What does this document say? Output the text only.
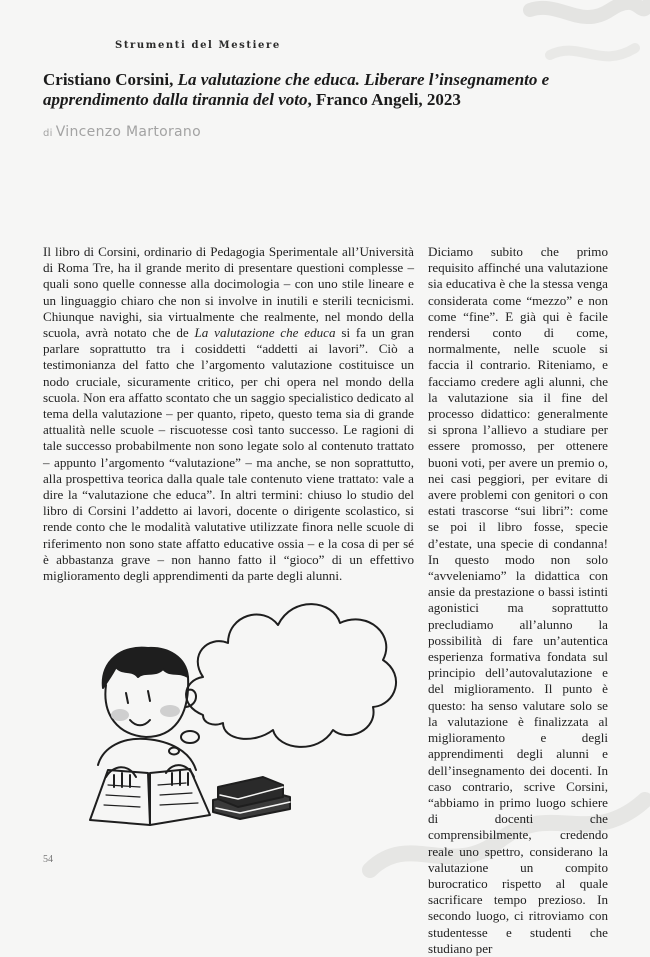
Strumenti del Mestiere
Cristiano Corsini, La valutazione che educa. Liberare l’insegnamento e apprendimento dalla tirannia del voto, Franco Angeli, 2023
di Vincenzo Martorano

Il libro di Corsini, ordinario di Pedagogia Sperimentale all’Università di Roma Tre, ha il grande merito di presentare questioni complesse – quali sono quelle connesse alla docimologia – con uno stile lineare e un linguaggio chiaro che non si involve in inutili e sterili tecnicismi. Chiunque navighi, sia virtualmente che realmente, nel mondo della scuola, avrà notato che de La valutazione che educa si fa un gran parlare soprattutto tra i cosiddetti “addetti ai lavori”. Ciò a testimonianza del fatto che l’argomento valutazione costituisce un nodo cruciale, sicuramente critico, per chi opera nel mondo della scuola. Non era affatto scontato che un saggio specialistico dedicato al tema della valutazione – per quanto, ripeto, questo tema sia di grande attualità nelle scuole – riscuotesse così tanto successo. Le ragioni di tale successo probabilmente non sono legate solo al contenuto trattato – appunto l’argomento “valutazione” – ma anche, se non soprattutto, alla prospettiva teorica dalla quale tale contenuto viene trattato: vale a dire la “valutazione che educa”. In altri termini: chiuso lo studio del libro di Corsini l’addetto ai lavori, docente o dirigente scolastico, si rende conto che le modalità valutative utilizzate finora nelle scuole di riferimento non sono state affatto educative ossia – e la cosa di per sé è abbastanza grave – non hanno fatto il “gioco” di un effettivo miglioramento degli apprendimenti da parte degli alunni.

Diciamo subito che primo requisito affinché una valutazione sia educativa è che la stessa venga considerata come “mezzo” e non come “fine”. E già qui è facile rendersi conto di come, normalmente, nelle scuole si faccia il contrario. Riteniamo, e facciamo credere agli alunni, che la valutazione sia il fine del processo didattico: generalmente si sprona l’allievo a studiare per essere promosso, per ottenere buoni voti, per avere un premio o, nei casi peggiori, per evitare di avere problemi con genitori o con estati trascorse “sui libri”: come se poi il libro fosse, specie d’estate, una specie di condanna! In questo modo non solo “avveleniamo” la didattica con ansie da prestazione o bassi istinti agonistici ma soprattutto precludiamo all’alunno la possibilità di fare un’autentica esperienza formativa fondata sul principio dell’autovalutazione e del miglioramento. Il punto è questo: ha senso valutare solo se la valutazione è finalizzata al miglioramento e degli apprendimenti degli alunni e dell’insegnamento dei docenti. In caso contrario, scrive Corsini, “abbiamo in primo luogo schiere di docenti che comprensibilmente, credendo reale uno spettro, considerano la valutazione un compito burocratico rispetto al quale sacrificare tempo prezioso. In secondo luogo, ci ritroviamo con studentesse e studenti che studiano per

54
